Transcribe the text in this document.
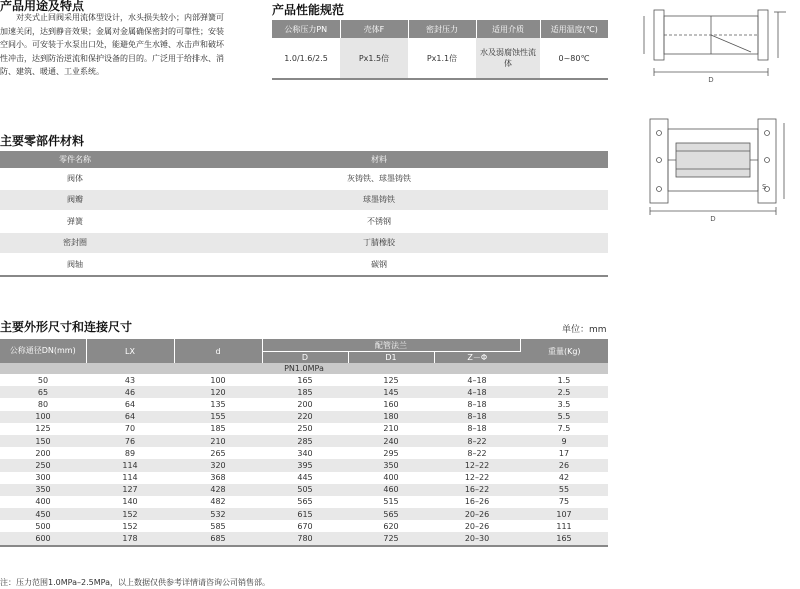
产品用途及特点
　　对夹式止回阀采用流体型设计，水头损失较小；内部弹簧可
加速关闭，达到静音效果；金属对金属确保密封的可靠性；安装
空间小。可安装于水泵出口处，能避免产生水锤、水击声和破坏
性冲击，达到防治逆流和保护设备的目的。广泛用于给排水、消
防、建筑、暖通、工业系统。
产品性能规范
公称压力PN	壳体F	密封压力	适用介质	适用温度(℃)
1.0/1.6/2.5	Px1.5倍	Px1.1倍	水及弱腐蚀性流体	0~80℃
D
S
D
主要零部件材料
零件名称	材料
阀体	灰铸铁、球墨铸铁
阀瓣	球墨铸铁
弹簧	不锈钢
密封圈	丁腈橡胶
阀轴	碳钢
主要外形尺寸和连接尺寸	单位：mm
公称通径DN(mm)	LX	d	配管法兰			重量(Kg)
			D	D1	Z－Φ	
PN1.0MPa						
50	43	100	165	125	4–18	1.5
65	46	120	185	145	4–18	2.5
80	64	135	200	160	8–18	3.5
100	64	155	220	180	8–18	5.5
125	70	185	250	210	8–18	7.5
150	76	210	285	240	8–22	9
200	89	265	340	295	8–22	17
250	114	320	395	350	12–22	26
300	114	368	445	400	12–22	42
350	127	428	505	460	16–22	55
400	140	482	565	515	16–26	75
450	152	532	615	565	20–26	107
500	152	585	670	620	20–26	111
600	178	685	780	725	20–30	165
注：压力范围1.0MPa–2.5MPa，以上数据仅供参考详情请咨询公司销售部。
